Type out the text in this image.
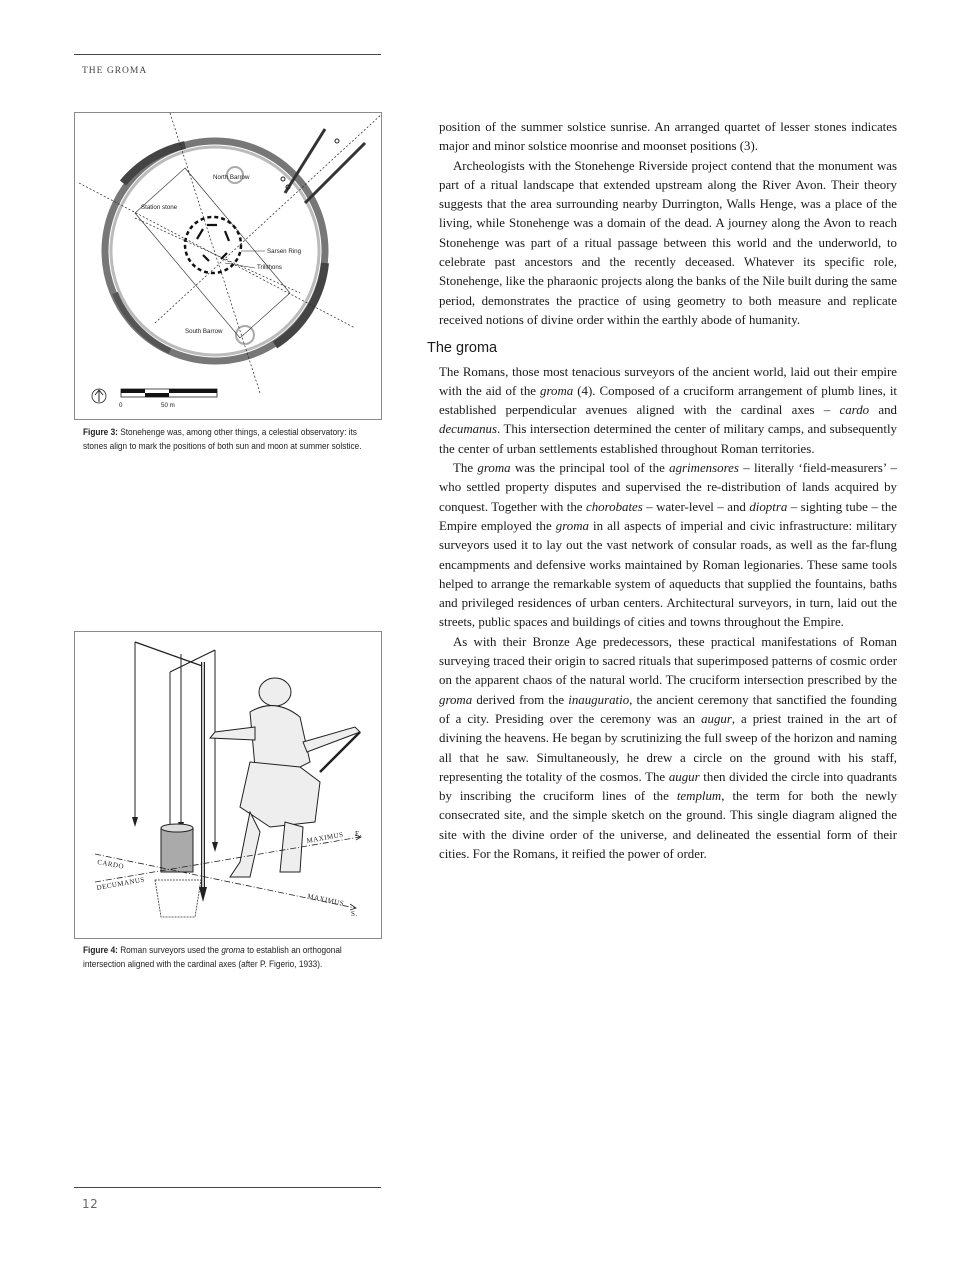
THE GROMA
North Barrow
Station stone
Sarsen Ring
Trilithons
South Barrow
0	50 m
Figure 3: Stonehenge was, among other things, a celestial observatory: its stones align to mark the positions of both sun and moon at summer solstice.
CARDO
DECUMANUS
MAXIMUS E.
MAXIMUS
S.
Figure 4: Roman surveyors used the groma to establish an orthogonal intersection aligned with the cardinal axes (after P. Figerio, 1933).

position of the summer solstice sunrise. An arranged quartet of lesser stones indicates major and minor solstice moonrise and moonset positions (3).

Archeologists with the Stonehenge Riverside project contend that the monument was part of a ritual landscape that extended upstream along the River Avon. Their theory suggests that the area surrounding nearby Durrington, Walls Henge, was a place of the living, while Stonehenge was a domain of the dead. A journey along the Avon to reach Stonehenge was part of a ritual passage between this world and the underworld, to celebrate past ancestors and the recently deceased. Whatever its specific role, Stonehenge, like the pharaonic projects along the banks of the Nile built during the same period, demonstrates the practice of using geometry to both measure and replicate received notions of divine order within the earthly abode of humanity.

The groma

The Romans, those most tenacious surveyors of the ancient world, laid out their empire with the aid of the groma (4). Composed of a cruciform arrangement of plumb lines, it established perpendicular avenues aligned with the cardinal axes – cardo and decumanus. This intersection determined the center of military camps, and subsequently the center of urban settlements established throughout Roman territories.

The groma was the principal tool of the agrimensores – literally ‘field-measurers’ – who settled property disputes and supervised the re-distribution of lands acquired by conquest. Together with the chorobates – water-level – and dioptra – sighting tube – the Empire employed the groma in all aspects of imperial and civic infrastructure: military surveyors used it to lay out the vast network of consular roads, as well as the far-flung encampments and defensive works maintained by Roman legionaries. These same tools helped to arrange the remarkable system of aqueducts that supplied the fountains, baths and privileged residences of urban centers. Architectural surveyors, in turn, laid out the streets, public spaces and buildings of cities and towns throughout the Empire.

As with their Bronze Age predecessors, these practical manifestations of Roman surveying traced their origin to sacred rituals that superimposed patterns of cosmic order on the apparent chaos of the natural world. The cruciform intersection prescribed by the groma derived from the inauguratio, the ancient ceremony that sanctified the founding of a city. Presiding over the ceremony was an augur, a priest trained in the art of divining the heavens. He began by scrutinizing the full sweep of the horizon and naming all that he saw. Simultaneously, he drew a circle on the ground with his staff, representing the totality of the cosmos. The augur then divided the circle into quadrants by inscribing the cruciform lines of the templum, the term for both the newly consecrated site, and the simple sketch on the ground. This single diagram aligned the site with the divine order of the universe, and delineated the essential form of their cities. For the Romans, it reified the power of order.

12
